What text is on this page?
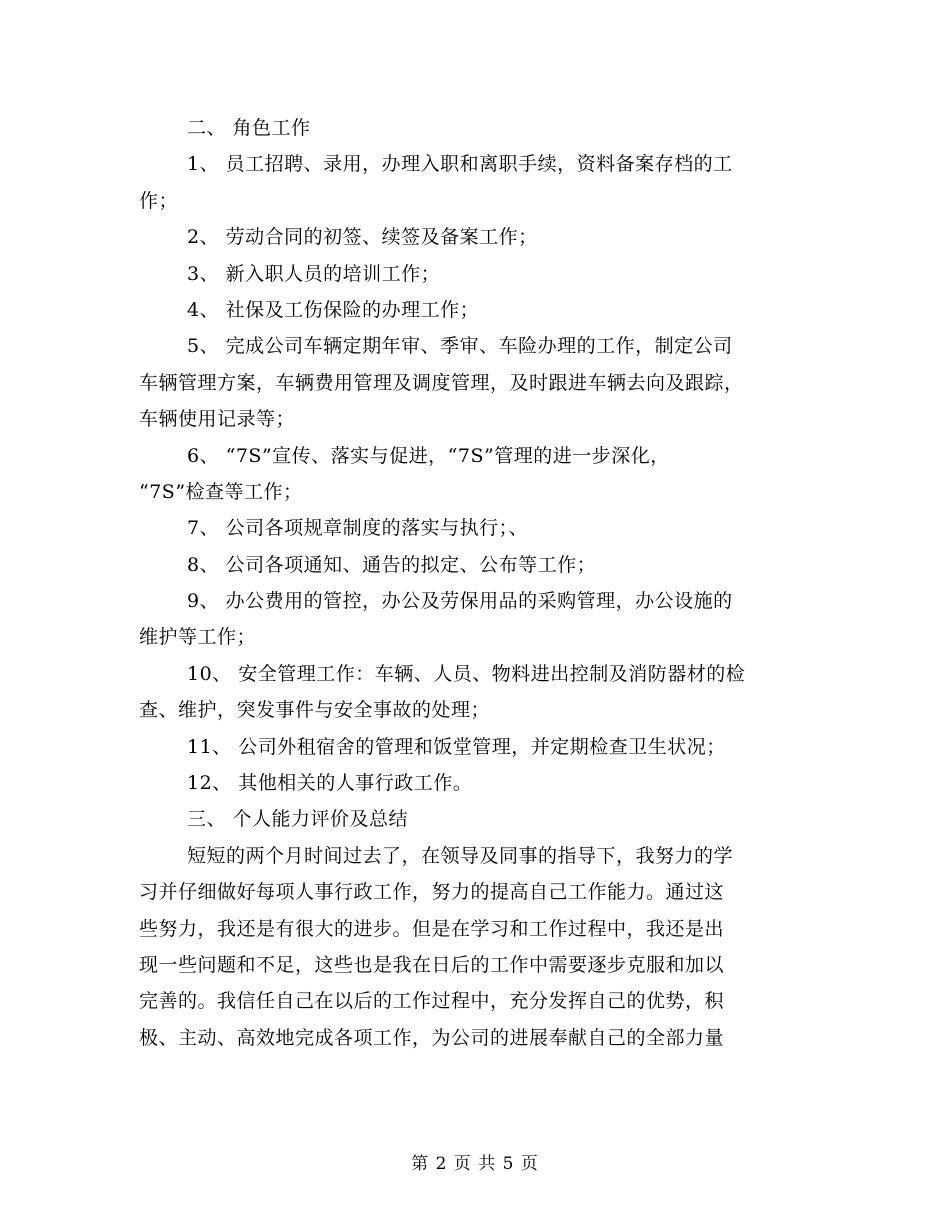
二、 角色工作
1、 员工招聘、录用，办理入职和离职手续，资料备案存档的工
作；
2、 劳动合同的初签、续签及备案工作；
3、 新入职人员的培训工作；
4、 社保及工伤保险的办理工作；
5、 完成公司车辆定期年审、季审、车险办理的工作，制定公司
车辆管理方案，车辆费用管理及调度管理，及时跟进车辆去向及跟踪，
车辆使用记录等；
6、 “7S”宣传、落实与促进，“7S”管理的进一步深化，
“7S”检查等工作；
7、 公司各项规章制度的落实与执行；、
8、 公司各项通知、通告的拟定、公布等工作；
9、 办公费用的管控，办公及劳保用品的采购管理，办公设施的
维护等工作；
10、 安全管理工作：车辆、人员、物料进出控制及消防器材的检
查、维护，突发事件与安全事故的处理；
11、 公司外租宿舍的管理和饭堂管理，并定期检查卫生状况；
12、 其他相关的人事行政工作。
三、 个人能力评价及总结
短短的两个月时间过去了，在领导及同事的指导下，我努力的学
习并仔细做好每项人事行政工作，努力的提高自己工作能力。通过这
些努力，我还是有很大的进步。但是在学习和工作过程中，我还是出
现一些问题和不足，这些也是我在日后的工作中需要逐步克服和加以
完善的。我信任自己在以后的工作过程中，充分发挥自己的优势，积
极、主动、高效地完成各项工作，为公司的进展奉献自己的全部力量
第 2 页 共 5 页
